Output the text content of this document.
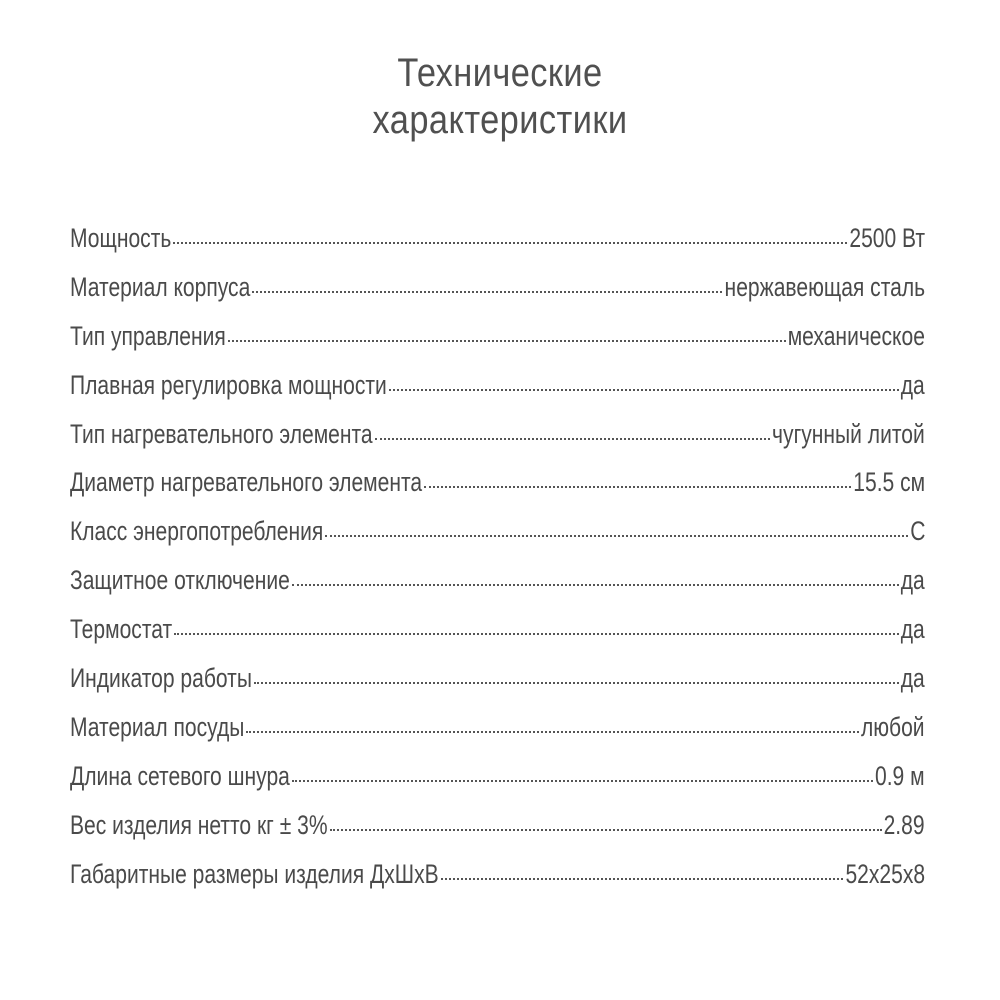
Технические
характеристики
Мощность	2500 Вт
Материал корпуса	нержавеющая сталь
Тип управления	механическое
Плавная регулировка мощности	да
Тип нагревательного элемента	чугунный литой
Диаметр нагревательного элемента	15.5 см
Класс энергопотребления	С
Защитное отключение	да
Термостат	да
Индикатор работы	да
Материал посуды	любой
Длина сетевого шнура	0.9 м
Вес изделия нетто кг ± 3%	2.89
Габаритные размеры изделия ДхШхВ	52х25х8
